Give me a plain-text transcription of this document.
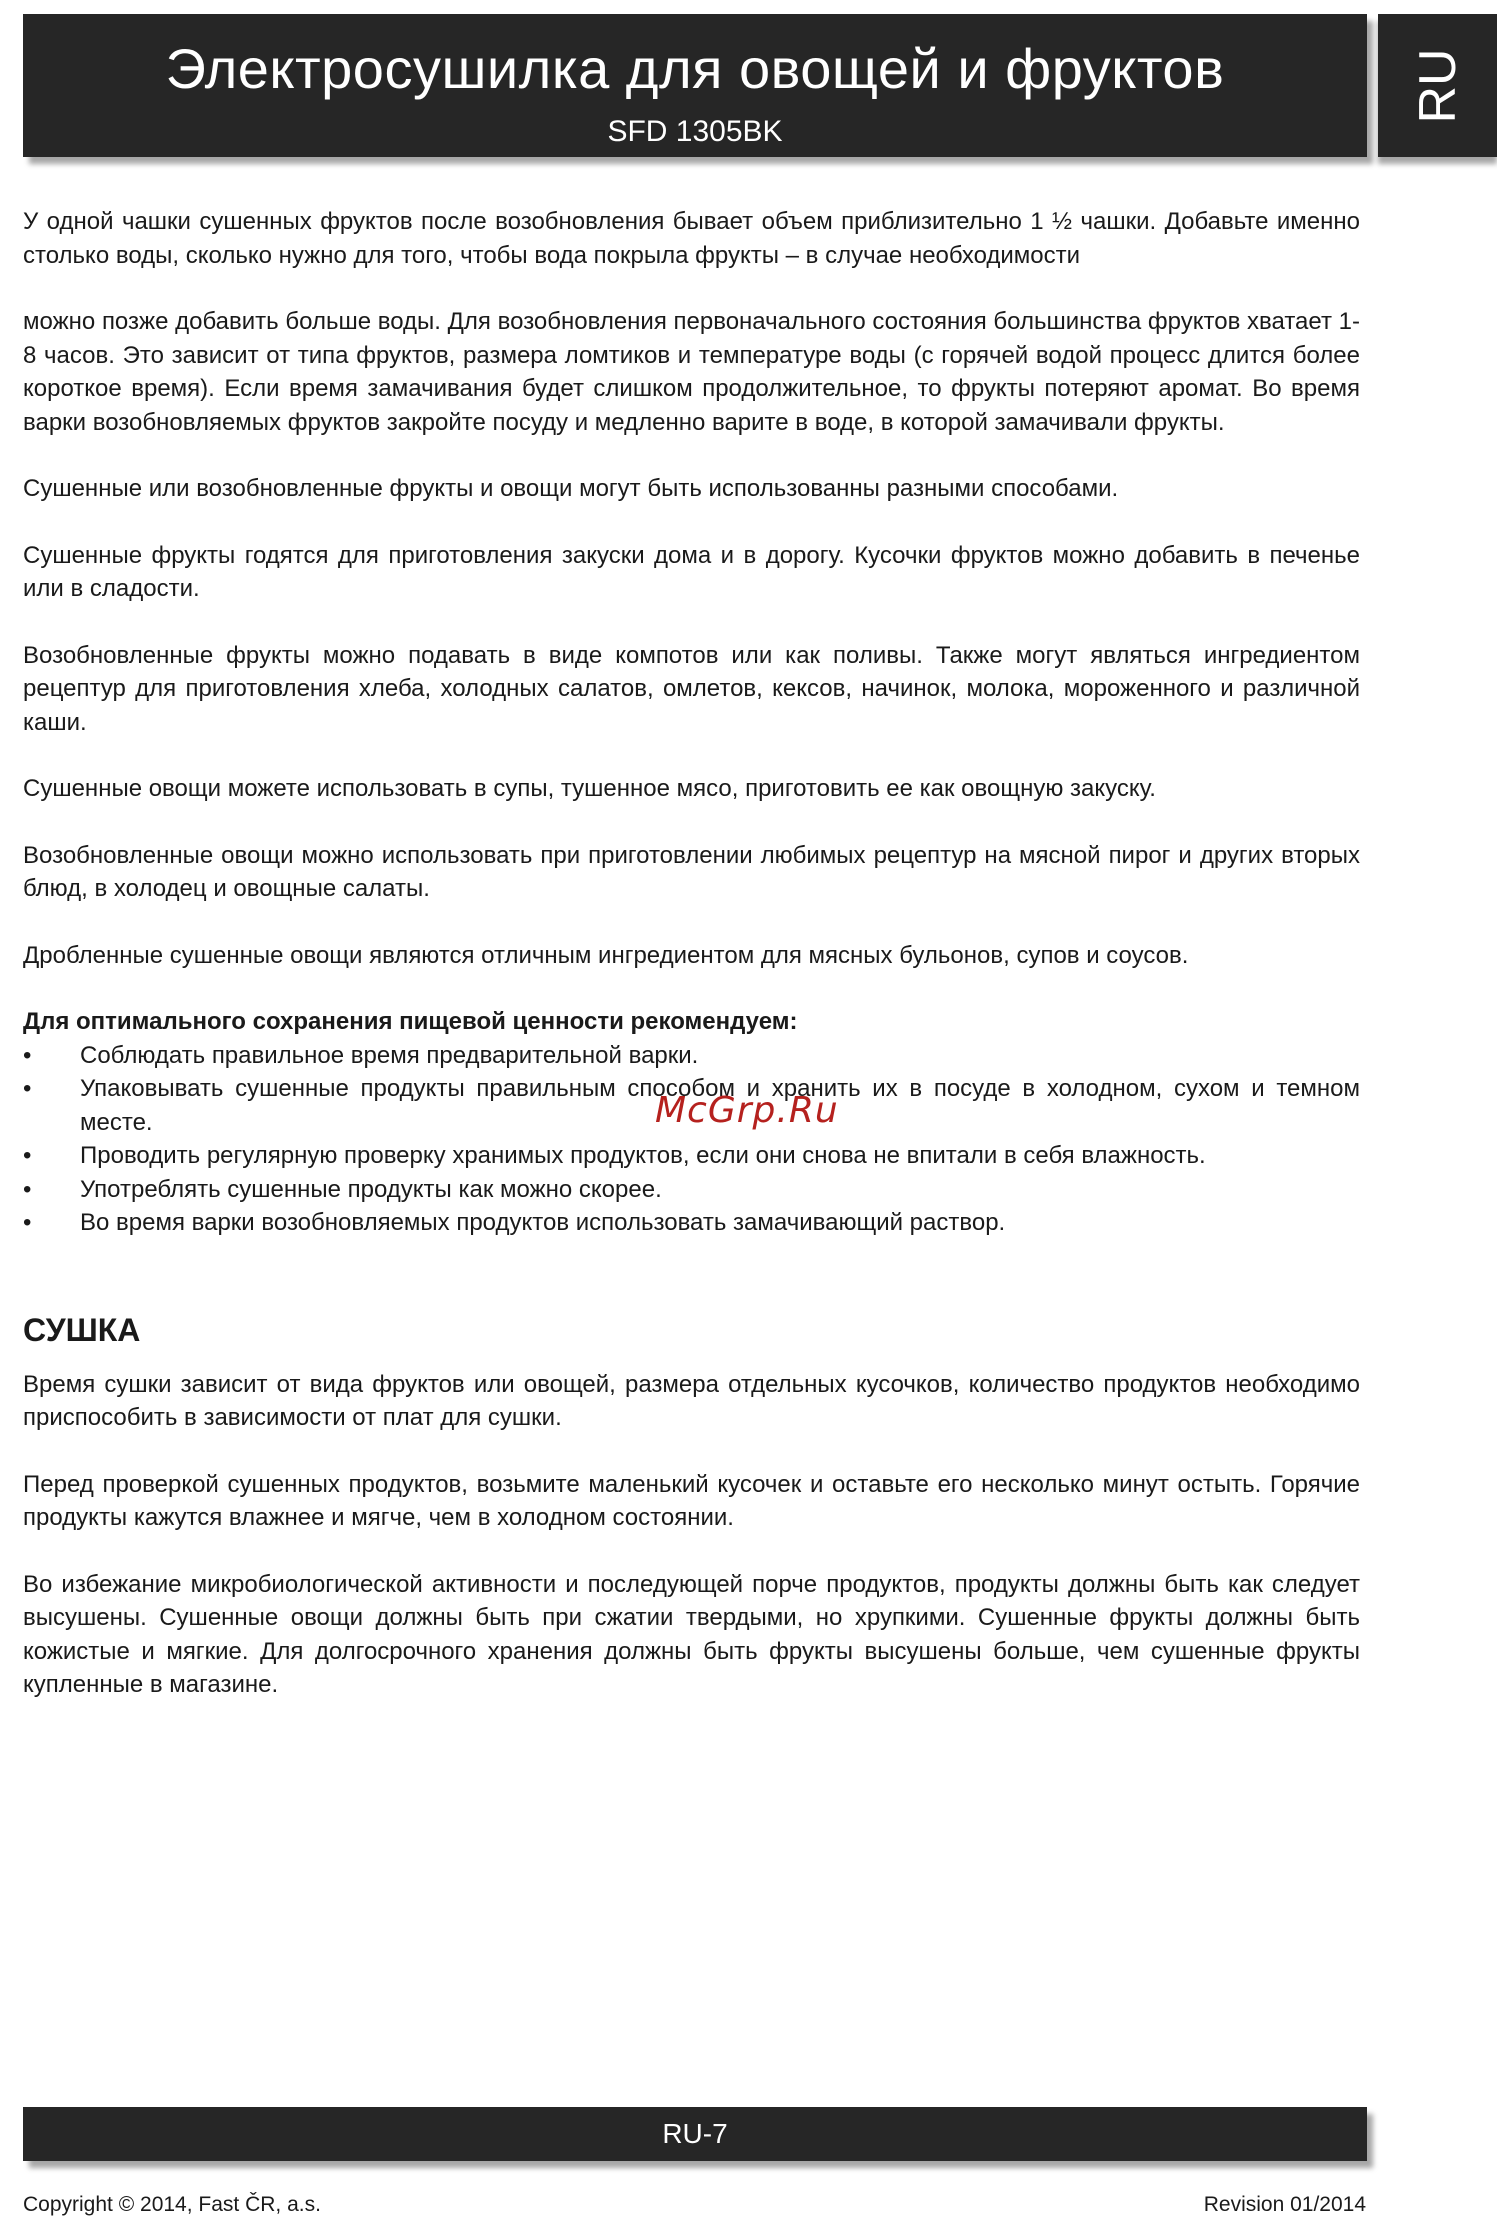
Электросушилка для овощей и фруктов
SFD 1305BK
RU

У одной чашки сушенных фруктов после возобновления бывает объем приблизительно 1 ½ чашки. Добавьте именно столько воды, сколько нужно для того, чтобы вода покрыла фрукты – в случае необходимости

можно позже добавить больше воды. Для возобновления первоначального состояния большинства фруктов хватает 1-8 часов. Это зависит от типа фруктов, размера ломтиков и температуре воды (с горячей водой процесс длится более короткое время). Если время замачивания будет слишком продолжительное, то фрукты потеряют аромат. Во время варки возобновляемых фруктов закройте посуду и медленно варите в воде, в которой замачивали фрукты.

Сушенные или возобновленные фрукты и овощи могут быть использованны разными способами.

Сушенные фрукты годятся для приготовления закуски дома и в дорогу. Кусочки фруктов можно добавить в печенье или в сладости.

Возобновленные фрукты можно подавать в виде компотов или как поливы. Также могут являться ингредиентом рецептур для приготовления хлеба, холодных салатов, омлетов, кексов, начинок, молока, мороженного и различной каши.

Сушенные овощи можете использовать в супы, тушенное мясо, приготовить ее как овощную закуску.

Возобновленные овощи можно использовать при приготовлении любимых рецептур на мясной пирог и других вторых блюд, в холодец и овощные салаты.

Дробленные сушенные овощи являются отличным ингредиентом для мясных бульонов, супов и соусов.

Для оптимального сохранения пищевой ценности рекомендуем:

• Соблюдать правильное время предварительной варки.
• Упаковывать сушенные продукты правильным способом и хранить их в посуде в холодном, сухом и темном месте.
• Проводить регулярную проверку хранимых продуктов, если они снова не впитали в себя влажность.
• Употреблять сушенные продукты как можно скорее.
• Во время варки возобновляемых продуктов использовать замачивающий раствор.
СУШКА

Время сушки зависит от вида фруктов или овощей, размера отдельных кусочков, количество продуктов необходимо приспособить в зависимости от плат для сушки.

Перед проверкой сушенных продуктов, возьмите маленький кусочек и оставьте его несколько минут остыть. Горячие продукты кажутся влажнее и мягче, чем в холодном состоянии.

Во избежание микробиологической активности и последующей порче продуктов, продукты должны быть как следует высушены. Сушенные овощи должны быть при сжатии твердыми, но хрупкими. Сушенные фрукты должны быть кожистые и мягкие. Для долгосрочного хранения должны быть фрукты высушены больше, чем сушенные фрукты купленные в магазине.

McGrp.Ru
RU-7
Copyright © 2014, Fast ČR, a.s.	Revision 01/2014
